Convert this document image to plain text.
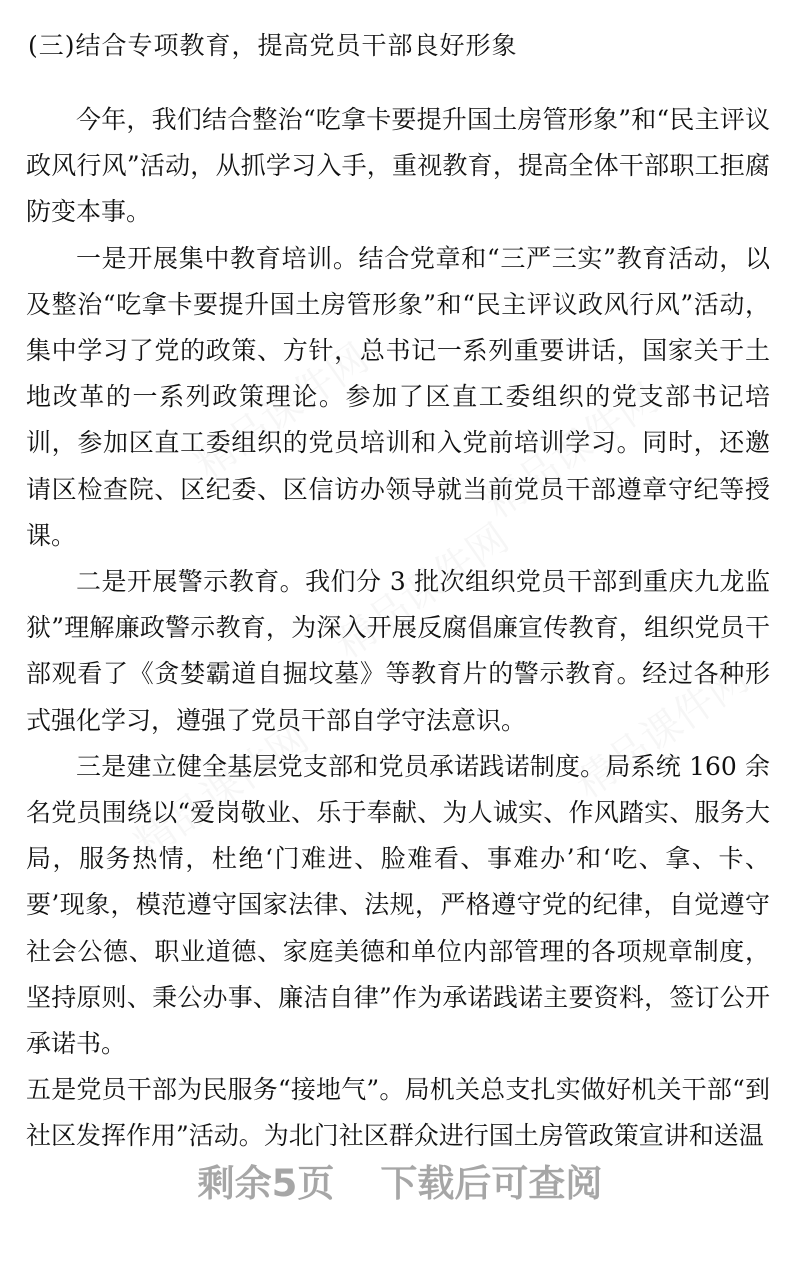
精品课件网 精品课件网
精品课件网
精品课件网
精品课件网
(三)结合专项教育，提高党员干部良好形象

今年，我们结合整治“吃拿卡要提升国土房管形象”和“民主评议政风行风”活动，从抓学习入手，重视教育，提高全体干部职工拒腐防变本事。

一是开展集中教育培训。结合党章和“三严三实”教育活动，以及整治“吃拿卡要提升国土房管形象”和“民主评议政风行风”活动，集中学习了党的政策、方针，总书记一系列重要讲话，国家关于土地改革的一系列政策理论。参加了区直工委组织的党支部书记培训，参加区直工委组织的党员培训和入党前培训学习。同时，还邀请区检查院、区纪委、区信访办领导就当前党员干部遵章守纪等授课。

二是开展警示教育。我们分 3 批次组织党员干部到重庆九龙监狱”理解廉政警示教育，为深入开展反腐倡廉宣传教育，组织党员干部观看了《贪婪霸道自掘坟墓》等教育片的警示教育。经过各种形式强化学习，遵强了党员干部自学守法意识。

三是建立健全基层党支部和党员承诺践诺制度。局系统 160 余名党员围绕以“爱岗敬业、乐于奉献、为人诚实、作风踏实、服务大局，服务热情，杜绝‘门难进、脸难看、事难办’和‘吃、拿、卡、要’现象，模范遵守国家法律、法规，严格遵守党的纪律，自觉遵守社会公德、职业道德、家庭美德和单位内部管理的各项规章制度，坚持原则、秉公办事、廉洁自律”作为承诺践诺主要资料，签订公开承诺书。

五是党员干部为民服务“接地气”。局机关总支扎实做好机关干部“到社区发挥作用”活动。为北门社区群众进行国土房管政策宣讲和送温

剩余5页 下载后可查阅
